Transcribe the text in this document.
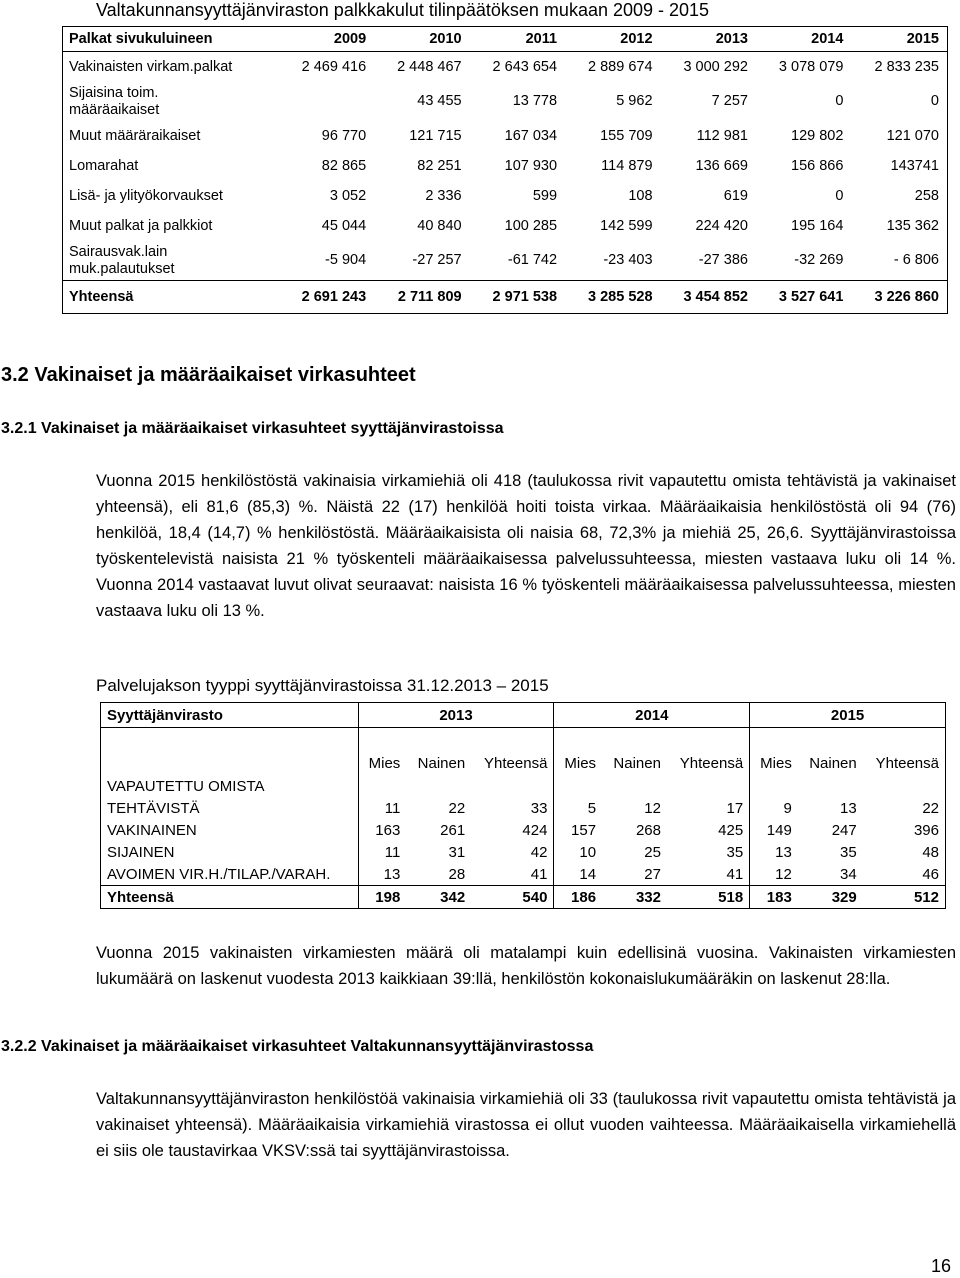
Valtakunnansyyttäjänviraston palkkakulut tilinpäätöksen mukaan 2009 - 2015
Palkat sivukuluineen	2009	2010	2011	2012	2013	2014	2015
Vakinaisten virkam.palkat	2 469 416	2 448 467	2 643 654	2 889 674	3 000 292	3 078 079	2 833 235
Sijaisina toim.
määräaikaiset		43 455	13 778	5 962	7 257	0	0
Muut määräraikaiset	96 770	121 715	167 034	155 709	112 981	129 802	121 070
Lomarahat	82 865	82 251	107 930	114 879	136 669	156 866	143741
Lisä- ja ylityökorvaukset	3 052	2 336	599	108	619	0	258
Muut palkat ja palkkiot	45 044	40 840	100 285	142 599	224 420	195 164	135 362
Sairausvak.lain
muk.palautukset	-5 904	-27 257	-61 742	-23 403	-27 386	-32 269	- 6 806
Yhteensä	2 691 243	2 711 809	2 971 538	3 285 528	3 454 852	3 527 641	3 226 860
3.2 Vakinaiset ja määräaikaiset virkasuhteet
3.2.1 Vakinaiset ja määräaikaiset virkasuhteet syyttäjänvirastoissa

Vuonna 2015 henkilöstöstä vakinaisia virkamiehiä oli 418 (taulukossa rivit vapautettu omista tehtävistä ja vakinaiset yhteensä), eli 81,6 (85,3) %. Näistä 22 (17) henkilöä hoiti toista virkaa. Määräaikaisia henkilöstöstä oli 94 (76) henkilöä, 18,4 (14,7) % henkilöstöstä. Määräaikaisista oli naisia 68, 72,3% ja miehiä 25, 26,6. Syyttäjänvirastoissa työskentelevistä naisista 21 % työskenteli määräaikaisessa palvelussuhteessa, miesten vastaava luku oli 14 %. Vuonna 2014 vastaavat luvut olivat seuraavat: naisista 16 % työskenteli määräaikaisessa palvelussuhteessa, miesten vastaava luku oli 13 %.

Palvelujakson tyyppi syyttäjänvirastoissa 31.12.2013 – 2015
Syyttäjänvirasto	2013			2014			2015		
	Mies	Nainen	Yhteensä	Mies	Nainen	Yhteensä	Mies	Nainen	Yhteensä
VAPAUTETTU OMISTA									
TEHTÄVISTÄ	11	22	33	5	12	17	9	13	22
VAKINAINEN	163	261	424	157	268	425	149	247	396
SIJAINEN	11	31	42	10	25	35	13	35	48
AVOIMEN VIR.H./TILAP./VARAH.	13	28	41	14	27	41	12	34	46
Yhteensä	198	342	540	186	332	518	183	329	512

Vuonna 2015 vakinaisten virkamiesten määrä oli matalampi kuin edellisinä vuosina. Vakinaisten virkamiesten lukumäärä on laskenut vuodesta 2013 kaikkiaan 39:llä, henkilöstön kokonaislukumääräkin on laskenut 28:lla.

3.2.2 Vakinaiset ja määräaikaiset virkasuhteet Valtakunnansyyttäjänvirastossa

Valtakunnansyyttäjänviraston henkilöstöä vakinaisia virkamiehiä oli 33 (taulukossa rivit vapautettu omista tehtävistä ja vakinaiset yhteensä). Määräaikaisia virkamiehiä virastossa ei ollut vuoden vaihteessa. Määräaikaisella virkamiehellä ei siis ole taustavirkaa VKSV:ssä tai syyttäjänvirastoissa.

16
